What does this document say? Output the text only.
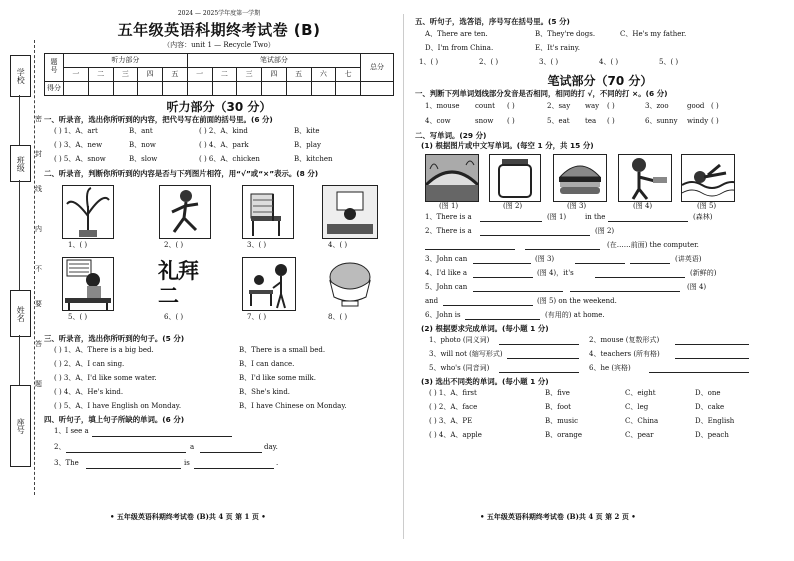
学校
班级
姓名
座号
密
封
线
内
不
要
答
题
2024 — 2025学年度第一学期
五年级英语科期终考试卷 (B)
（内容：unit 1 — Recycle Two）
题
号	听力部分					笔试部分							总分
	一	二	三	四	五	一	二	三	四	五	六	七	
得分													
听力部分（30 分）
一、听录音，选出你所听到的内容，把代号写在前面的括号里。(6 分)
( ) 1、A、art	B、ant	( ) 2、A、kind	B、kite
( ) 3、A、new	B、now	( ) 4、A、park	B、play
( ) 5、A、snow	B、slow	( ) 6、A、chicken	B、kitchen
二、听录音，判断你所听到的内容是否与下列图片相符，用“√”或“×”表示。(8 分)
1、( )	2、( )	3、( )	4、( )
礼拜二
5、( )	6、( )	7、( )	8、( )
三、听录音，选出你所听到的句子。(5 分)
( ) 1、A、There is a big bed.	B、There is a small bed.
( ) 2、A、I can sing.	B、I can dance.
( ) 3、A、I'd like some water.	B、I'd like some milk.
( ) 4、A、He's kind.	B、She's kind.
( ) 5、A、I have English on Monday.	B、I have Chinese on Monday.
四、听句子，填上句子所缺的单词。(6 分)
1、I see a
2、	a	day.
3、The	is	.
• 五年级英语科期终考试卷 (B)共 4 页 第 1 页 •
五、听句子，选答语，序号写在括号里。(5 分)
A、There are ten.	B、They're dogs.	C、He's my father.
D、I'm from China.	E、It's rainy.
1、( )	2、( )	3、( )	4、( )	5、( )
笔试部分（70 分）
一、判断下列单词划线部分发音是否相同，相同的打 √，不同的打 ×。(6 分)
1、mouse count ( )	2、say way ( )	3、zoo	good ( )
4、cow	snow ( )	5、eat tea ( )	6、sunny windy ( )
二、写单词。(29 分)
(1) 根据图片或中文写单词。(每空 1 分，共 15 分)
(图 1)	(图 2)	(图 3)	(图 4)	(图 5)
1、There is a	(图 1)	in the	(森林)
2、There is a	(图 2)
(在……前面) the computer.
3、John can	(图 3)	(讲英语)
4、I'd like a	(图 4)，it's	(新鲜的)
5、John can	(图 4)
and	(图 5) on the weekend.
6、John is	(有用的) at home.
(2) 根据要求完成单词。(每小题 1 分)
1、photo (同义词)	2、mouse (复数形式)
3、will not (缩写形式)	4、teachers (所有格)
5、who's (同音词)	6、he (宾格)
(3) 选出不同类的单词。(每小题 1 分)
( ) 1、A、first	B、five	C、eight	D、one
( ) 2、A、face	B、foot	C、leg	D、cake
( ) 3、A、PE	B、music	C、China	D、English
( ) 4、A、apple	B、orange	C、pear	D、peach
• 五年级英语科期终考试卷 (B)共 4 页 第 2 页 •
